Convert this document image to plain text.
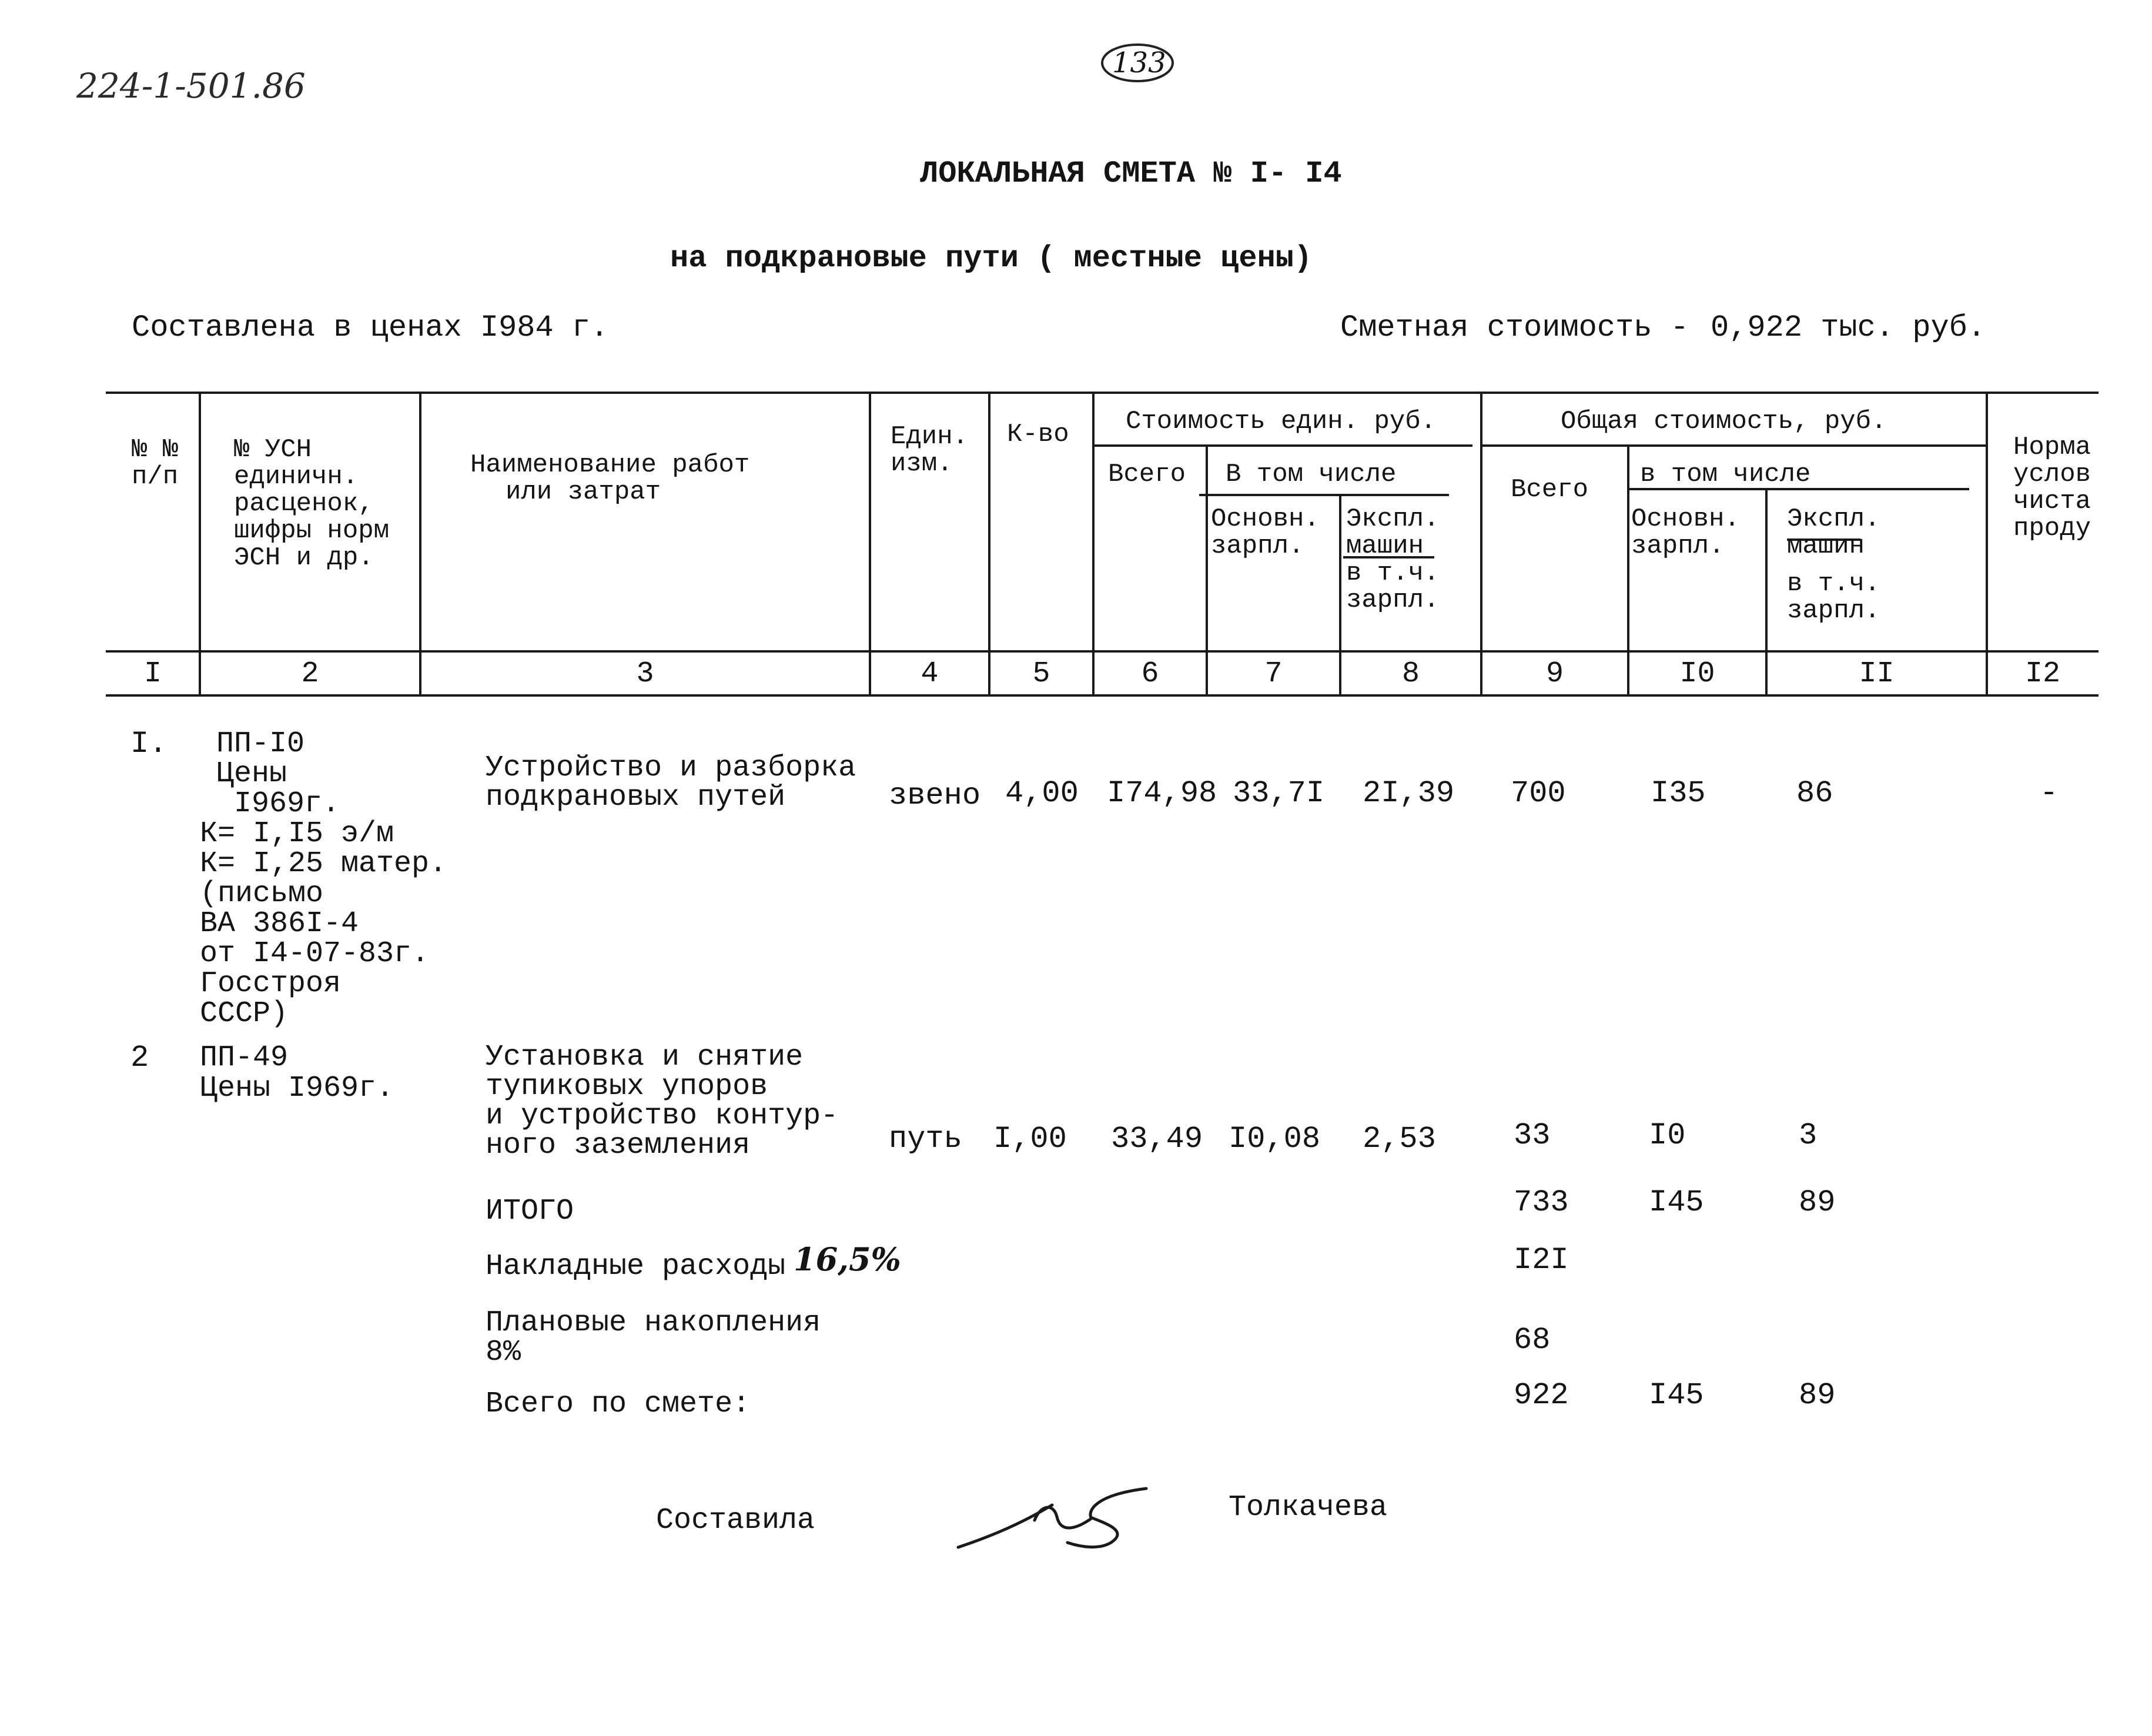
224-1-501.86
133
ЛОКАЛЬНАЯ СМЕТА № I- I4
на подкрановые пути ( местные цены)
Составлена в ценах I984 г.	Сметная стоимость - 0,922 тыс. руб.
№ №
п/п
№ УСН
единичн.
расценок,
шифры норм
ЭСН и др.
Наименование работ
или затрат
Един.
изм.
К-во Стоимость един. руб.
Всего В том числе
Основн.
зарпл.
Экспл.
машин
в т.ч.
зарпл.
Общая стоимость, руб.
Всего
в том числе
Основн.
зарпл.
Экспл.
машин
в т.ч.
зарпл.
Норма
услов
чиста
проду
I	2	3	4	5	6	7	8	9	I0	II	I2
I.	ПП-I0
Цены
I969г.
К= I,I5 э/м
К= I,25 матер.
(письмо
ВА 386I-4
от I4-07-83г.
Госстроя
СССР)
Устройство и разборка
подкрановых путей	звено 4,00 I74,98 33,7I 2I,39 700	I35	86	-
2 ПП-49
Цены I969г.
Установка и снятие
тупиковых упоров
и устройство контур-
ного заземления	путь I,00 33,49 I0,08 2,53	33	I0	3
ИТОГО	733	I45	89
Накладные расходы 16,5%	I2I
Плановые накопления
8%	68
Всего по смете:	922	I45	89
Составила	Толкачева
